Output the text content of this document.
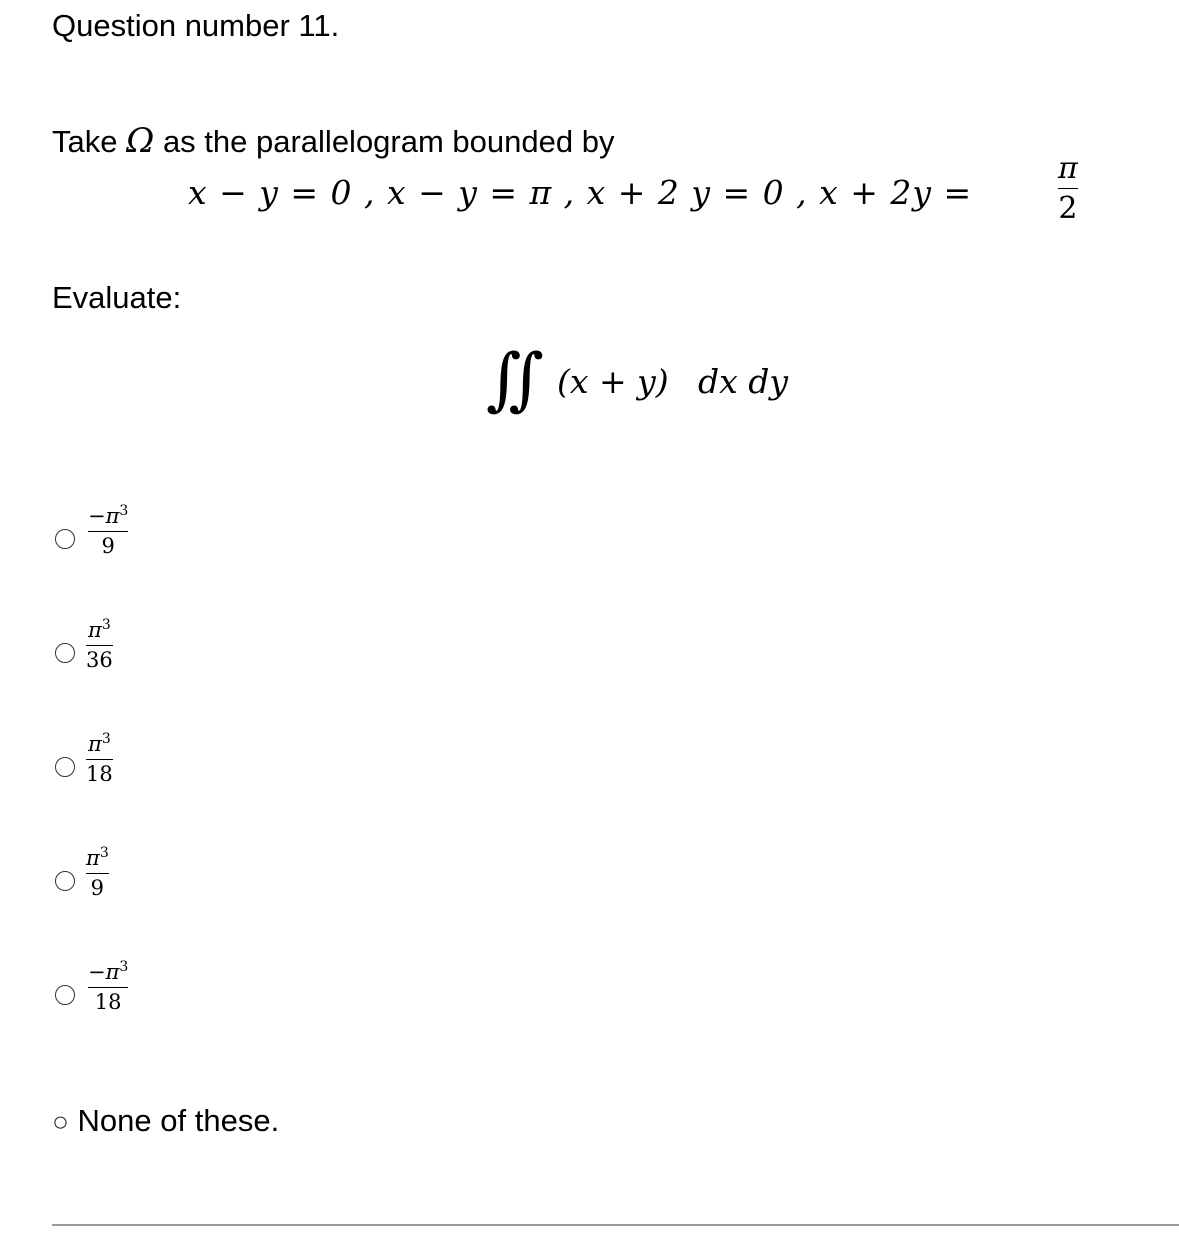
Question number 11.
Take Ω as the parallelogram bounded by
x − y = 0 , x − y = π , x + 2 y = 0 , x + 2y =
π
2
Evaluate:
∬ (x + y) dx dy
$-\pi^3$
9
$\pi^3$
36
$\pi^3$
18
$\pi^3$
9
$-\pi^3$
18
○ None of these.
